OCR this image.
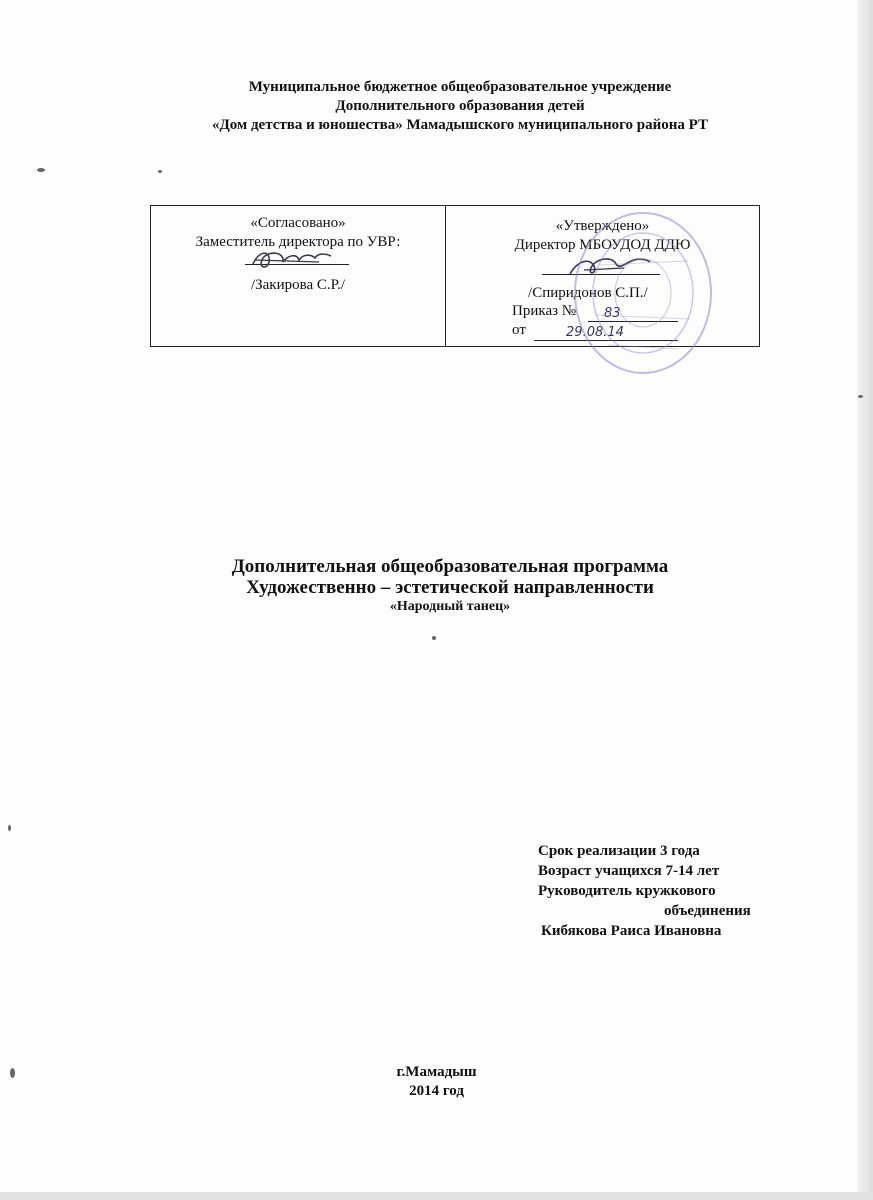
Муниципальное бюджетное общеобразовательное учреждение
Дополнительного образования детей
«Дом детства и юношества» Мамадышского муниципального района РТ
«Согласовано»
Заместитель директора по УВР:
/Закирова С.Р./
«Утверждено»
Директор МБОУДОД ДДЮ
/Спиридонов С.П./
Приказ № 83
от	29.08.14
Дополнительная общеобразовательная программа
Художественно – эстетической направленности
«Народный танец»
Срок реализации 3 года
Возраст учащихся 7-14 лет
Руководитель кружкового
объединения
Кибякова Раиса Ивановна
г.Мамадыш
2014 год
